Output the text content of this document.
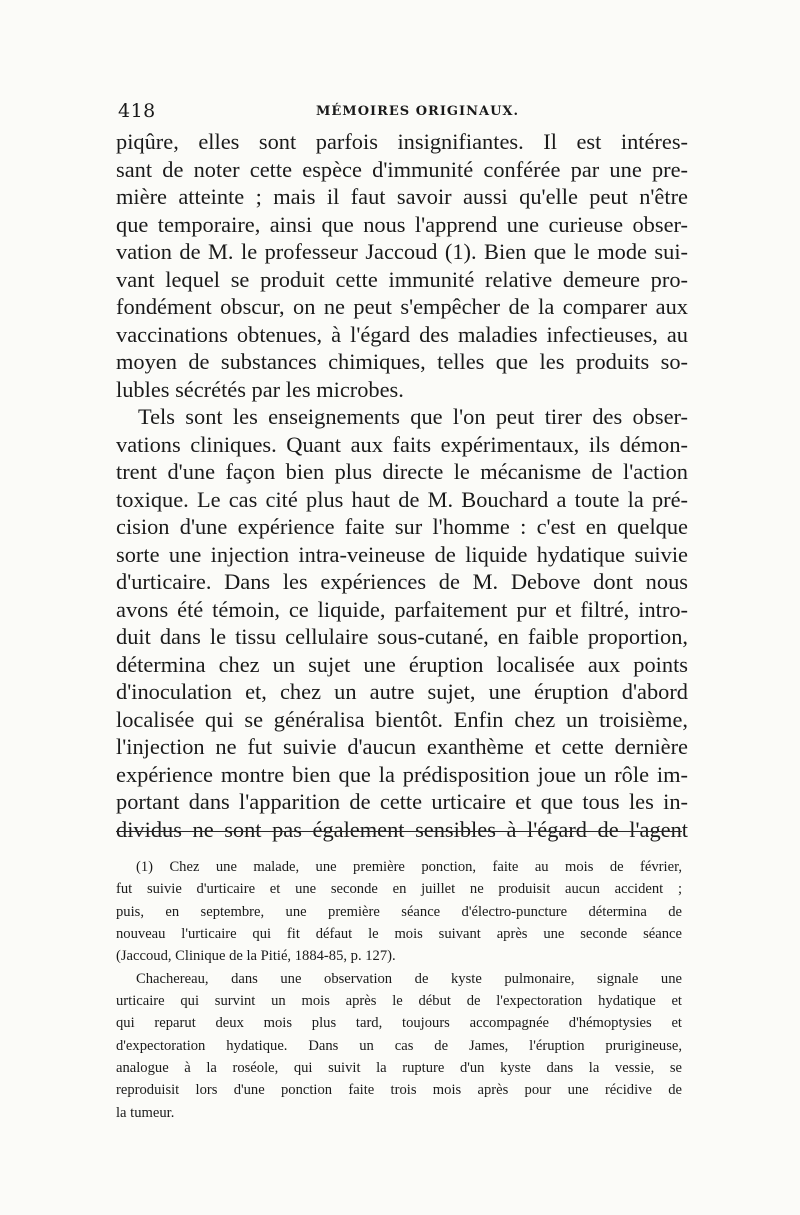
418	MÉMOIRES ORIGINAUX.
piqûre, elles sont parfois insignifiantes. Il est intéres-
sant de noter cette espèce d'immunité conférée par une pre-
mière atteinte ; mais il faut savoir aussi qu'elle peut n'être
que temporaire, ainsi que nous l'apprend une curieuse obser-
vation de M. le professeur Jaccoud (1). Bien que le mode sui-
vant lequel se produit cette immunité relative demeure pro-
fondément obscur, on ne peut s'empêcher de la comparer aux
vaccinations obtenues, à l'égard des maladies infectieuses, au
moyen de substances chimiques, telles que les produits so-
lubles sécrétés par les microbes.
Tels sont les enseignements que l'on peut tirer des obser-
vations cliniques. Quant aux faits expérimentaux, ils démon-
trent d'une façon bien plus directe le mécanisme de l'action
toxique. Le cas cité plus haut de M. Bouchard a toute la pré-
cision d'une expérience faite sur l'homme : c'est en quelque
sorte une injection intra-veineuse de liquide hydatique suivie
d'urticaire. Dans les expériences de M. Debove dont nous
avons été témoin, ce liquide, parfaitement pur et filtré, intro-
duit dans le tissu cellulaire sous-cutané, en faible proportion,
détermina chez un sujet une éruption localisée aux points
d'inoculation et, chez un autre sujet, une éruption d'abord
localisée qui se généralisa bientôt. Enfin chez un troisième,
l'injection ne fut suivie d'aucun exanthème et cette dernière
expérience montre bien que la prédisposition joue un rôle im-
portant dans l'apparition de cette urticaire et que tous les in-
dividus ne sont pas également sensibles à l'égard de l'agent
(1) Chez une malade, une première ponction, faite au mois de février,
fut suivie d'urticaire et une seconde en juillet ne produisit aucun accident ;
puis, en septembre, une première séance d'électro-puncture détermina de
nouveau l'urticaire qui fit défaut le mois suivant après une seconde séance
(Jaccoud, Clinique de la Pitié, 1884-85, p. 127).
Chachereau, dans une observation de kyste pulmonaire, signale une
urticaire qui survint un mois après le début de l'expectoration hydatique et
qui reparut deux mois plus tard, toujours accompagnée d'hémoptysies et
d'expectoration hydatique. Dans un cas de James, l'éruption prurigineuse,
analogue à la roséole, qui suivit la rupture d'un kyste dans la vessie, se
reproduisit lors d'une ponction faite trois mois après pour une récidive de
la tumeur.
